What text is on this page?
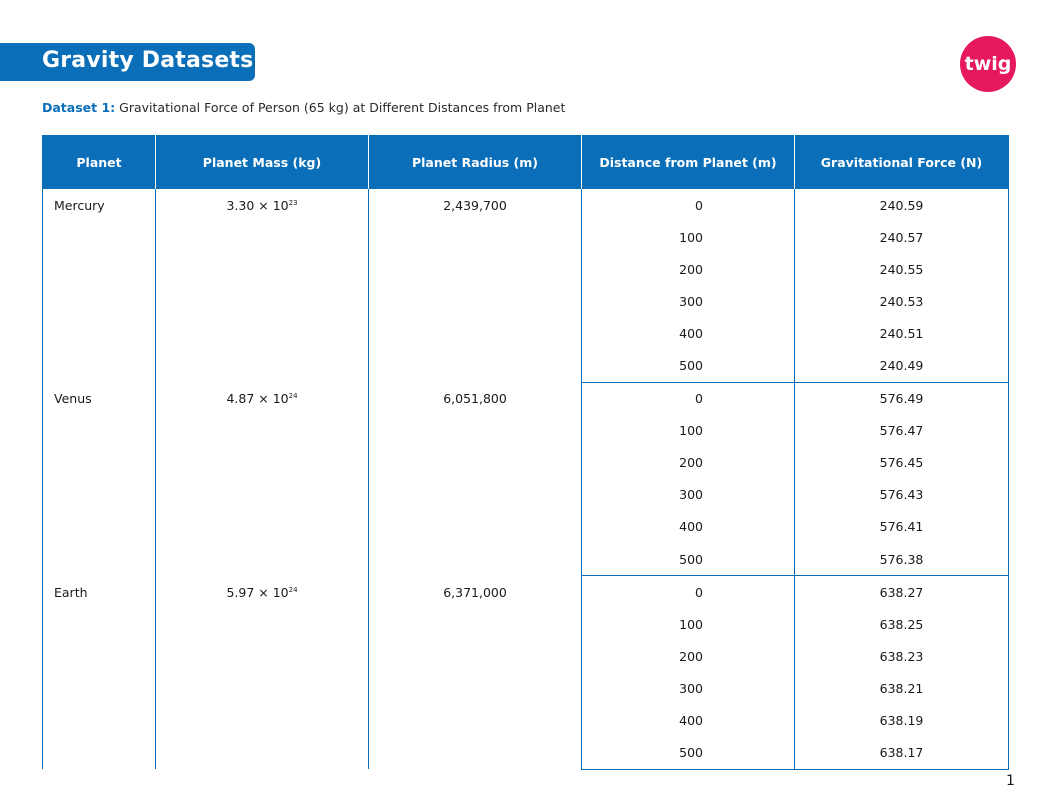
Gravity Datasets	twig
Dataset 1: Gravitational Force of Person (65 kg) at Different Distances from Planet
Planet	Planet Mass (kg)	Planet Radius (m)	Distance from Planet (m)	Gravitational Force (N)
Mercury	$3.30 \times 10^{23}$	2,439,700	0	240.59
			100	240.57
			200	240.55
			300	240.53
			400	240.51
			500	240.49
Venus	$4.87 \times 10^{24}$	6,051,800	0	576.49
			100	576.47
			200	576.45
			300	576.43
			400	576.41
			500	576.38
Earth	$5.97 \times 10^{24}$	6,371,000	0	638.27
			100	638.25
			200	638.23
			300	638.21
			400	638.19
			500	638.17
1
